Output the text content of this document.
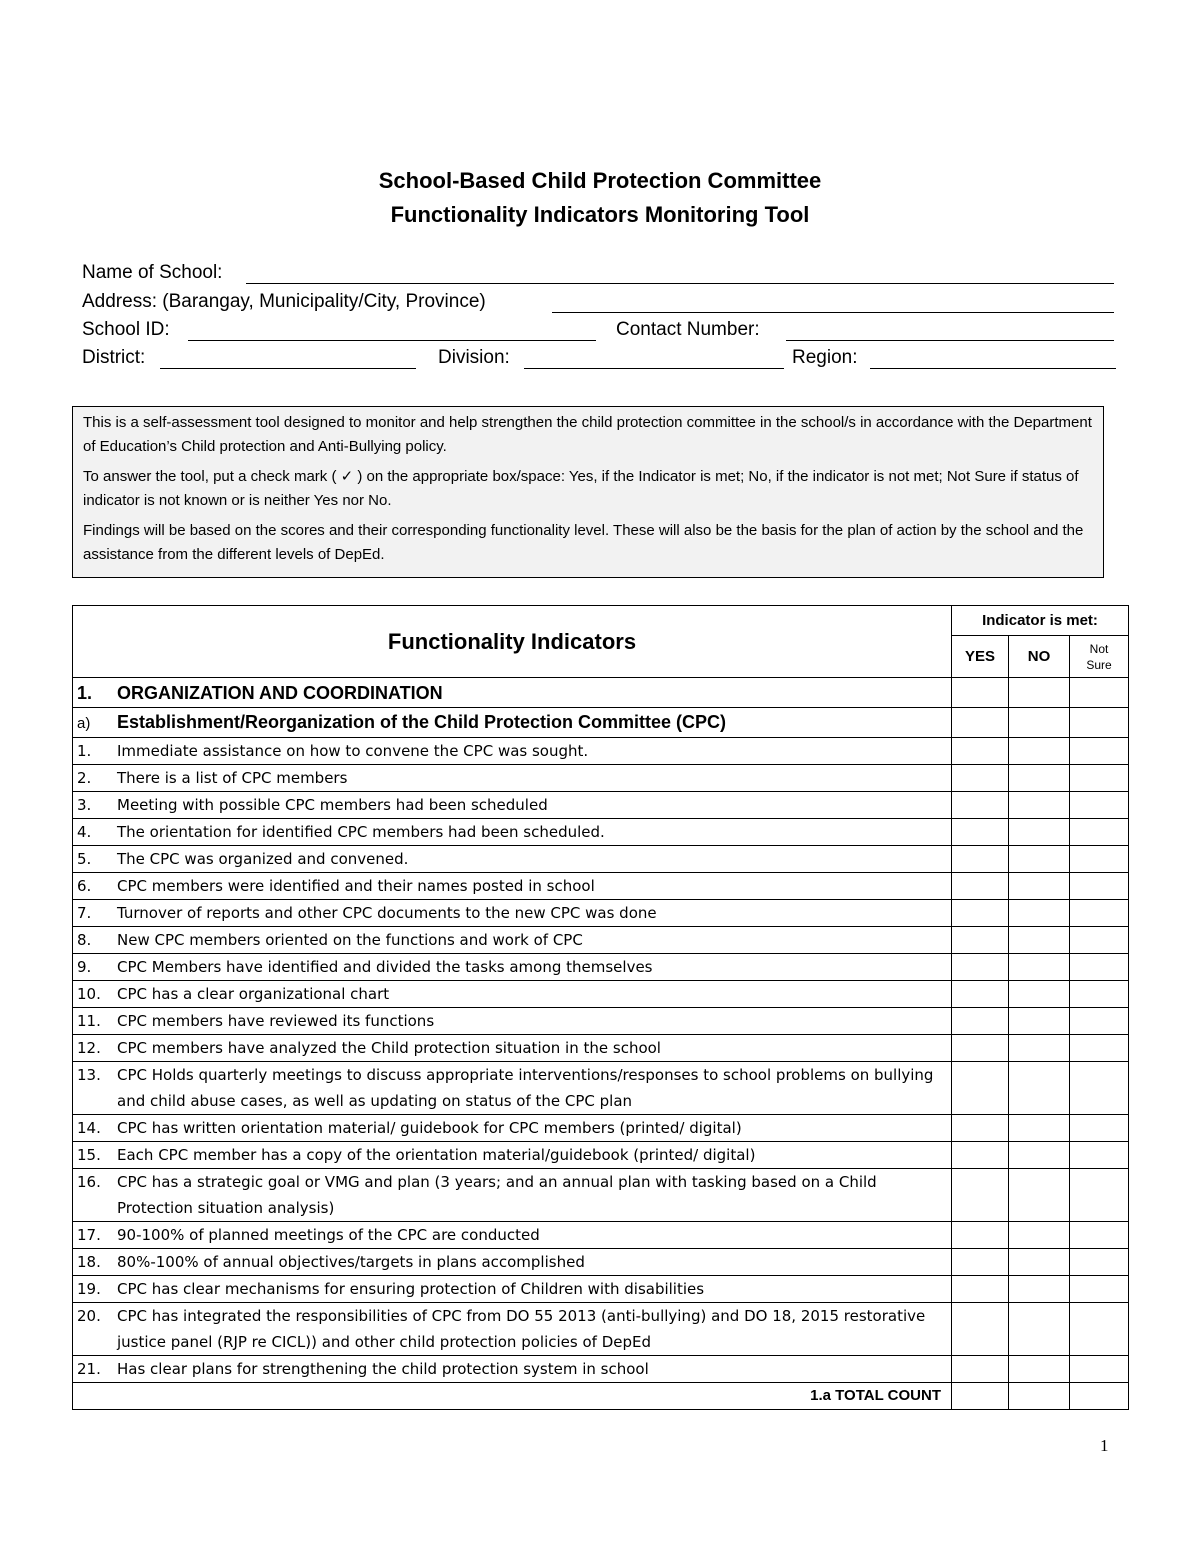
School-Based Child Protection Committee
Functionality Indicators Monitoring Tool
Name of School:
Address: (Barangay, Municipality/City, Province)
School ID:	Contact Number:
District:	Division:	Region:

This is a self-assessment tool designed to monitor and help strengthen the child protection committee in the school/s in accordance with the Department of Education’s Child protection and Anti-Bullying policy.

To answer the tool, put a check mark ( ✓ ) on the appropriate box/space: Yes, if the Indicator is met; No, if the indicator is not met; Not Sure if status of indicator is not known or is neither Yes nor No.

Findings will be based on the scores and their corresponding functionality level. These will also be the basis for the plan of action by the school and the assistance from the different levels of DepEd.

Functionality Indicators	Indicator is met:		
	YES	NO	Not Sure
1. ORGANIZATION AND COORDINATION			
a) Establishment/Reorganization of the Child Protection Committee (CPC)			
1. Immediate assistance on how to convene the CPC was sought.			
2. There is a list of CPC members			
3. Meeting with possible CPC members had been scheduled			
4. The orientation for identified CPC members had been scheduled.			
5. The CPC was organized and convened.			
6. CPC members were identified and their names posted in school			
7. Turnover of reports and other CPC documents to the new CPC was done			
8. New CPC members oriented on the functions and work of CPC			
9. CPC Members have identified and divided the tasks among themselves			
10. CPC has a clear organizational chart			
11. CPC members have reviewed its functions			
12. CPC members have analyzed the Child protection situation in the school			
13. CPC Holds quarterly meetings to discuss appropriate interventions/responses to school problems on bullying and child abuse cases, as well as updating on status of the CPC plan			
14. CPC has written orientation material/ guidebook for CPC members (printed/ digital)			
15. Each CPC member has a copy of the orientation material/guidebook (printed/ digital)			
16. CPC has a strategic goal or VMG and plan (3 years; and an annual plan with tasking based on a Child Protection situation analysis)			
17. 90-100% of planned meetings of the CPC are conducted			
18. 80%-100% of annual objectives/targets in plans accomplished			
19. CPC has clear mechanisms for ensuring protection of Children with disabilities			
20. CPC has integrated the responsibilities of CPC from DO 55 2013 (anti-bullying) and DO 18, 2015 restorative justice panel (RJP re CICL)) and other child protection policies of DepEd			
21. Has clear plans for strengthening the child protection system in school			
1.a TOTAL COUNT			
1
